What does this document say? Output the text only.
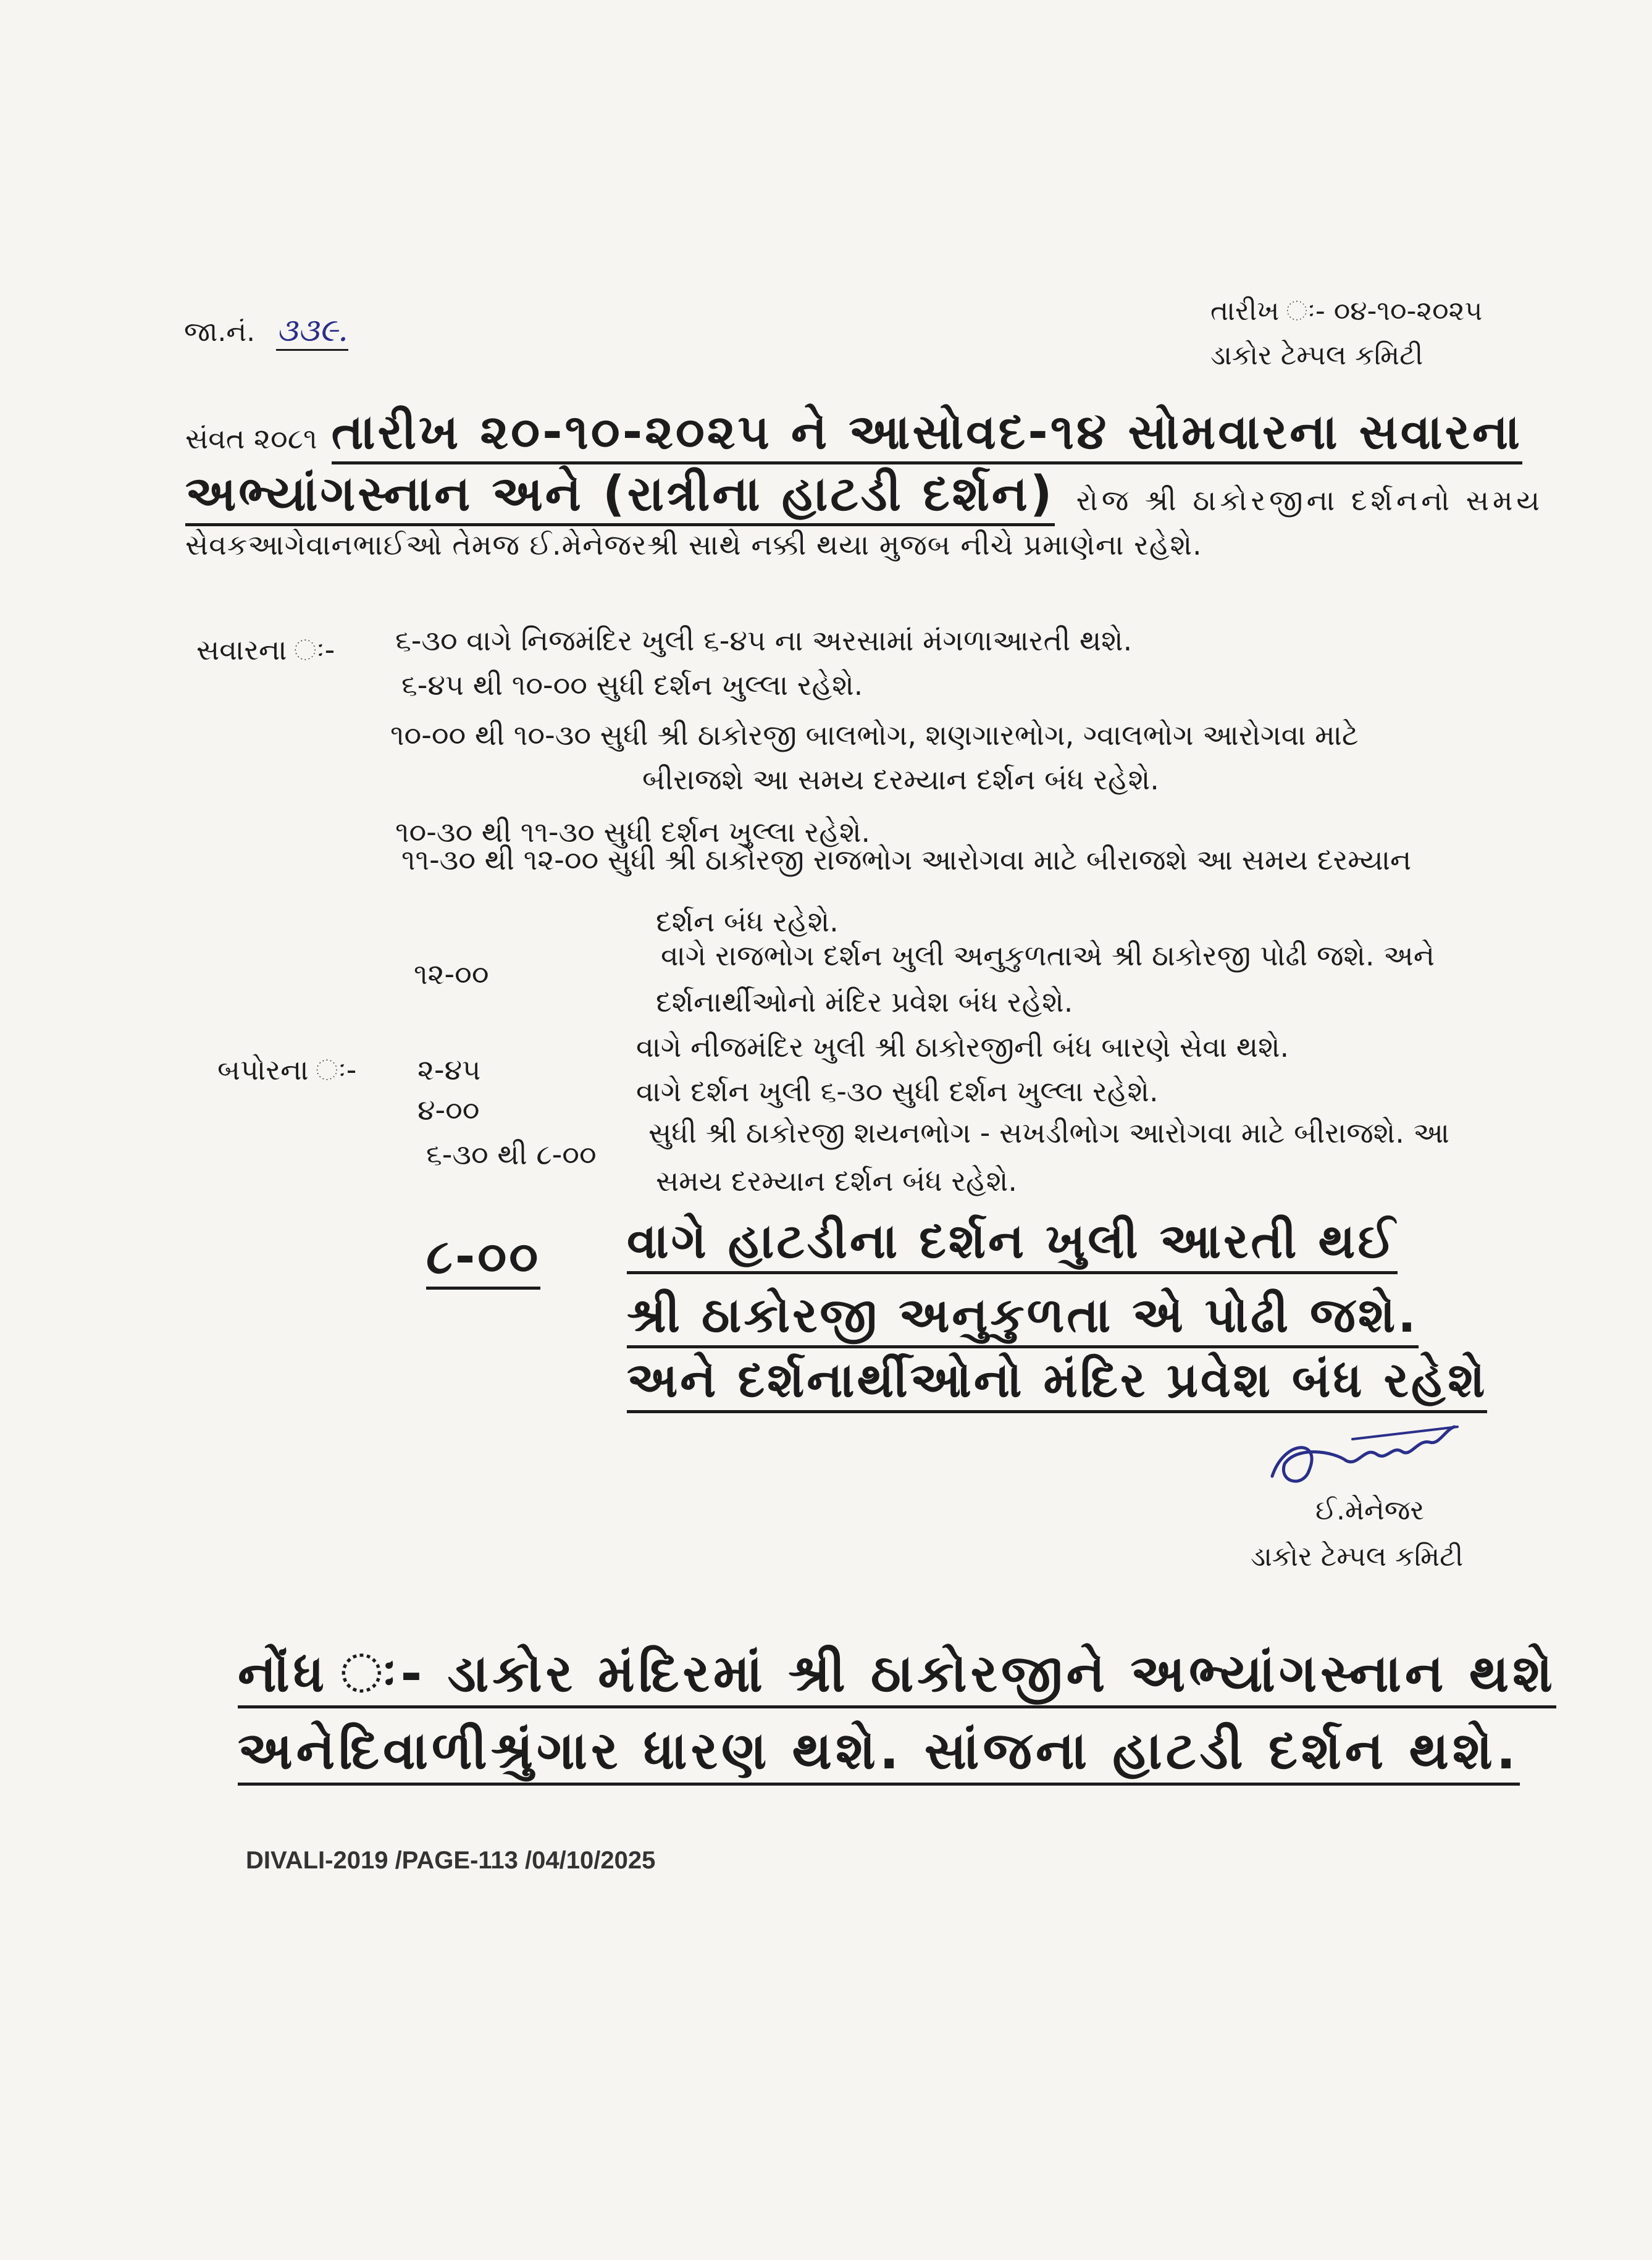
જા.નં. ૩૩૯.
તારીખ ઃ- ૦૪-૧૦-૨૦૨૫
ડાકોર ટેમ્પલ કમિટી
સંવત ૨૦૮૧ તારીખ ૨૦-૧૦-૨૦૨૫ ને આસોવદ-૧૪ સોમવારના સવારના
અભ્યાંગસ્નાન અને (રાત્રીના હાટડી દર્શન) રોજ શ્રી ઠાકોરજીના દર્શનનો સમય
સેવકઆગેવાનભાઈઓ તેમજ ઈ.મેનેજરશ્રી સાથે નક્કી થયા મુજબ નીચે પ્રમાણેના રહેશે.
સવારના ઃ- ૬-૩૦ વાગે નિજમંદિર ખુલી ૬-૪૫ ના અરસામાં મંગળાઆરતી થશે.
૬-૪૫ થી ૧૦-૦૦ સુધી દર્શન ખુલ્લા રહેશે.
૧૦-૦૦ થી ૧૦-૩૦ સુધી શ્રી ઠાકોરજી બાલભોગ, શણગારભોગ, ગ્વાલભોગ આરોગવા માટે
બીરાજશે આ સમય દરમ્યાન દર્શન બંધ રહેશે.
૧૦-૩૦ થી ૧૧-૩૦ સુધી દર્શન ખુલ્લા રહેશે.
૧૧-૩૦ થી ૧૨-૦૦ સુધી શ્રી ઠાકોરજી રાજભોગ આરોગવા માટે બીરાજશે આ સમય દરમ્યાન
દર્શન બંધ રહેશે.
૧૨-૦૦
વાગે રાજભોગ દર્શન ખુલી અનુકુળતાએ શ્રી ઠાકોરજી પોઢી જશે. અને
દર્શનાર્થીઓનો મંદિર પ્રવેશ બંધ રહેશે.
બપોરના ઃ- ૨-૪૫
વાગે નીજમંદિર ખુલી શ્રી ઠાકોરજીની બંધ બારણે સેવા થશે.
૪-૦૦
વાગે દર્શન ખુલી ૬-૩૦ સુધી દર્શન ખુલ્લા રહેશે.
૬-૩૦ થી ૮-૦૦
સુધી શ્રી ઠાકોરજી શયનભોગ - સખડીભોગ આરોગવા માટે બીરાજશે. આ
સમય દરમ્યાન દર્શન બંધ રહેશે.
૮-૦૦ વાગે હાટડીના દર્શન ખુલી આરતી થઈ
શ્રી ઠાકોરજી અનુકુળતા એ પોઢી જશે.
અને દર્શનાર્થીઓનો મંદિર પ્રવેશ બંધ રહેશે
ઈ.મેનેજર
ડાકોર ટેમ્પલ કમિટી
નોંધ ઃ- ડાકોર મંદિરમાં શ્રી ઠાકોરજીને અભ્યાંગસ્નાન થશે
અનેદિવાળીશ્રુંગાર ધારણ થશે. સાંજના હાટડી દર્શન થશે.
DIVALI-2019 /PAGE-113 /04/10/2025
